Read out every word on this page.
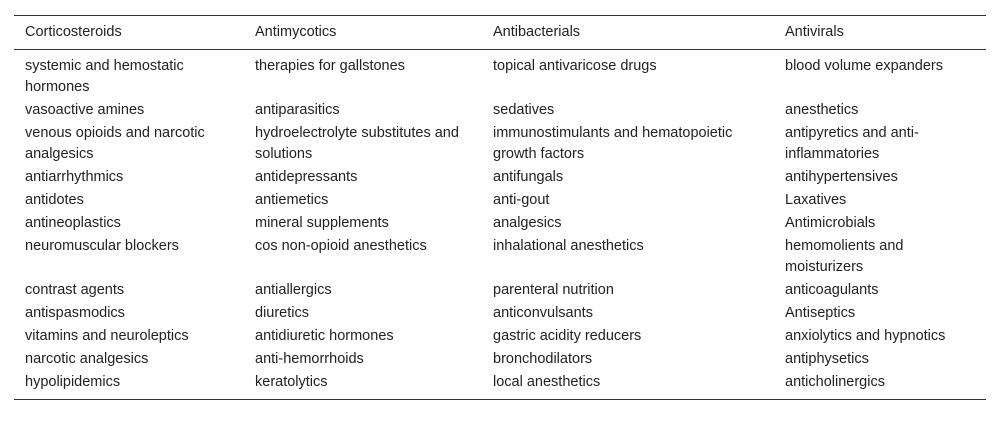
Corticosteroids	Antimycotics	Antibacterials	Antivirals
systemic and hemostatic hormones	therapies for gallstones	topical antivaricose drugs	blood volume expanders
vasoactive amines	antiparasitics	sedatives	anesthetics
venous opioids and narcotic analgesics	hydroelectrolyte substitutes and solutions	immunostimulants and hematopoietic growth factors	antipyretics and anti-inflammatories
antiarrhythmics	antidepressants	antifungals	antihypertensives
antidotes	antiemetics	anti-gout	Laxatives
antineoplastics	mineral supplements	analgesics	Antimicrobials
neuromuscular blockers	cos non-opioid anesthetics	inhalational anesthetics	hemomolients and moisturizers
contrast agents	antiallergics	parenteral nutrition	anticoagulants
antispasmodics	diuretics	anticonvulsants	Antiseptics
vitamins and neuroleptics	antidiuretic hormones	gastric acidity reducers	anxiolytics and hypnotics
narcotic analgesics	anti-hemorrhoids	bronchodilators	antiphysetics
hypolipidemics	keratolytics	local anesthetics	anticholinergics
